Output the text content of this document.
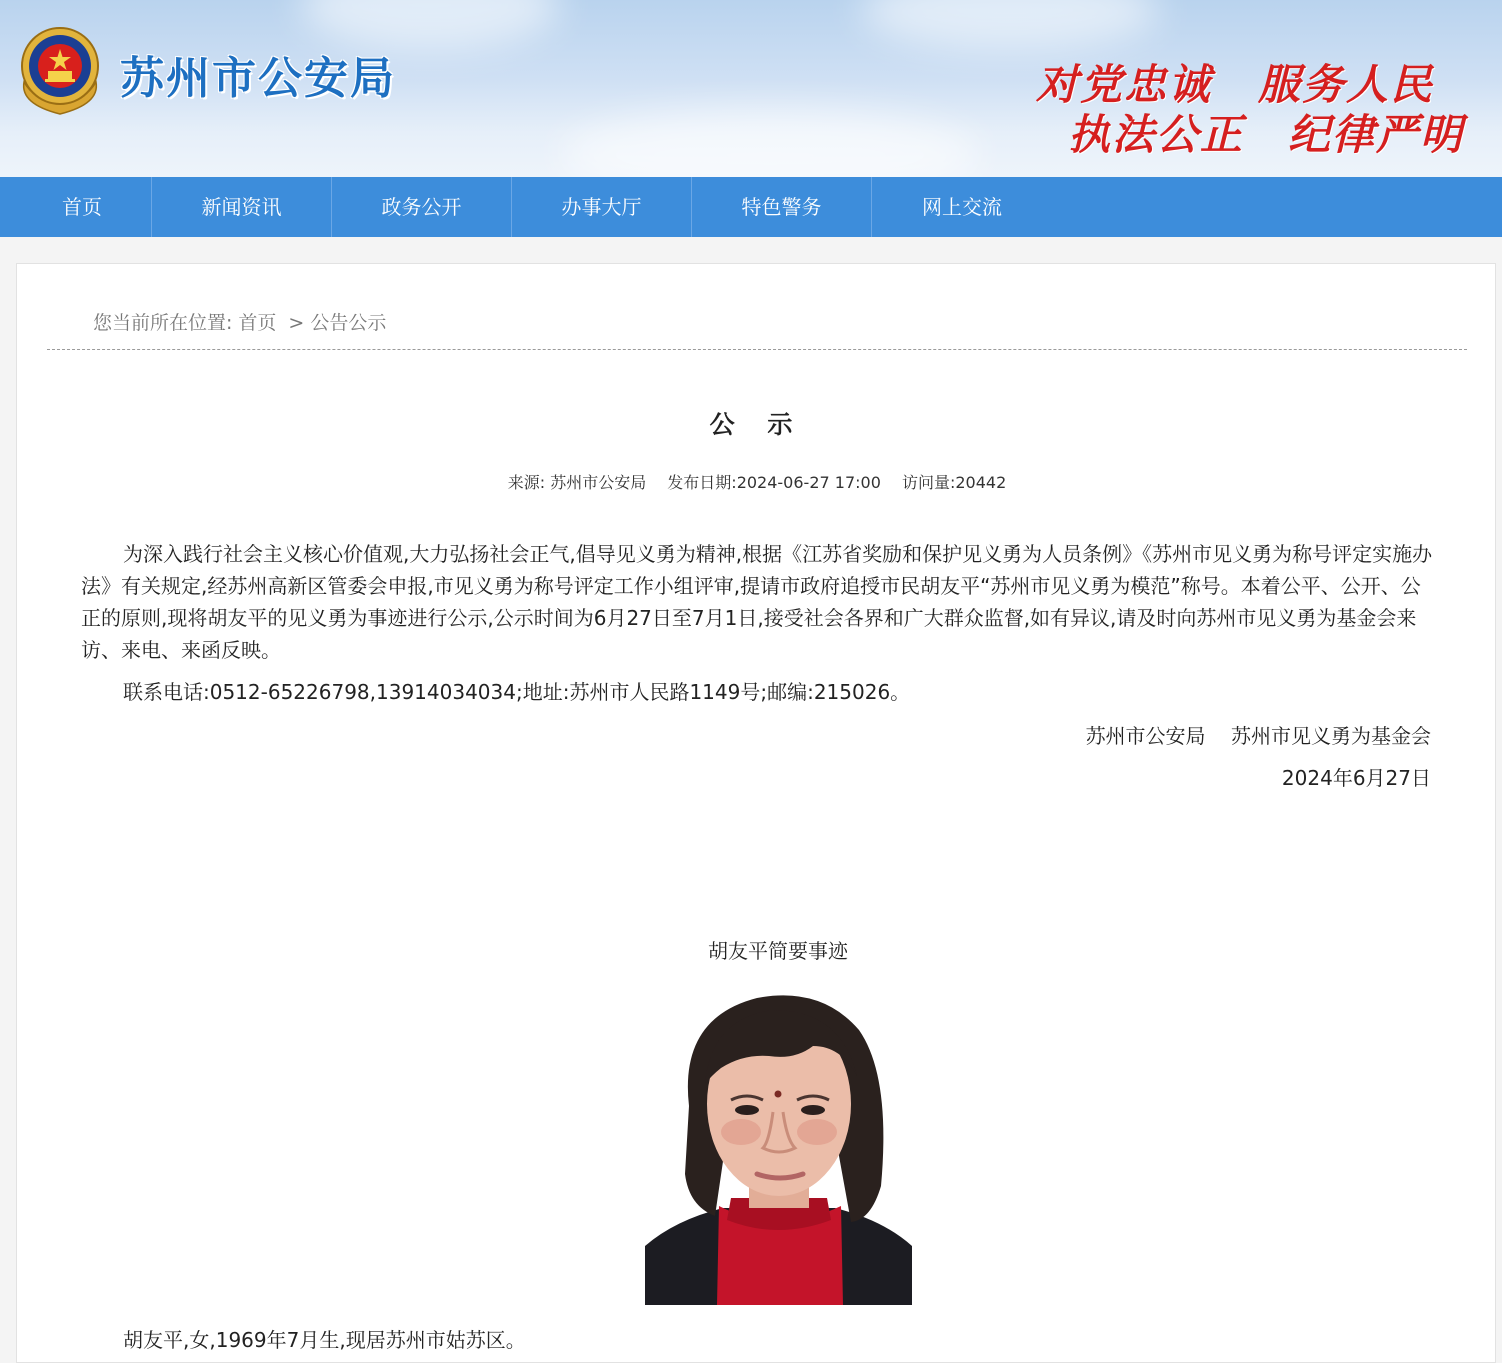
苏州市公安局	对党忠诚 服务人民
执法公正 纪律严明
首页	新闻资讯	政务公开	办事大厅	特色警务	网上交流
您当前所在位置: 首页 > 公告公示
公 示
来源: 苏州市公安局 发布日期:2024-06-27 17:00 访问量:20442

为深入践行社会主义核心价值观,大力弘扬社会正气,倡导见义勇为精神,根据《江苏省奖励和保护见义勇为人员条例》《苏州市见义勇为称号评定实施办法》有关规定,经苏州高新区管委会申报,市见义勇为称号评定工作小组评审,提请市政府追授市民胡友平“苏州市见义勇为模范”称号。本着公平、公开、公正的原则,现将胡友平的见义勇为事迹进行公示,公示时间为6月27日至7月1日,接受社会各界和广大群众监督,如有异议,请及时向苏州市见义勇为基金会来访、来电、来函反映。

联系电话:0512-65226798,13914034034;地址:苏州市人民路1149号;邮编:215026。

苏州市公安局    苏州市见义勇为基金会
2024年6月27日
胡友平简要事迹

胡友平,女,1969年7月生,现居苏州市姑苏区。
